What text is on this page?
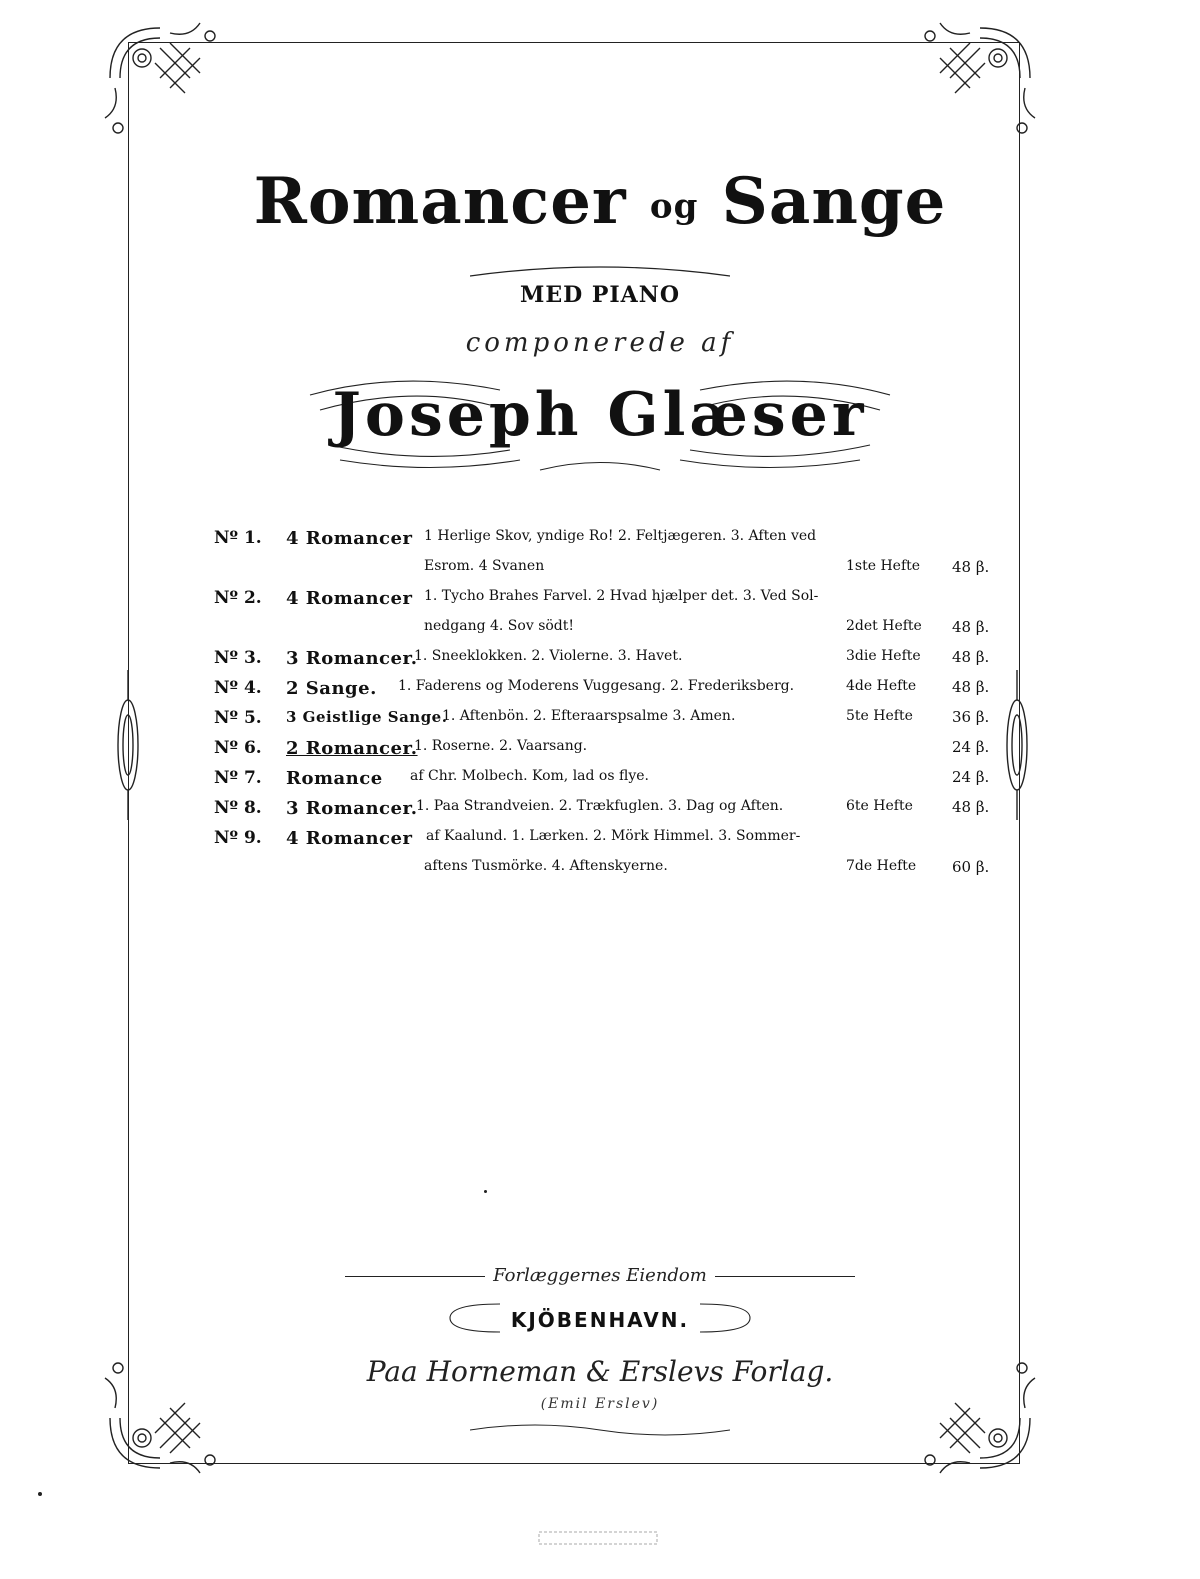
Romancer og Sange
MED PIANO
componerede af
Joseph Glæser
Nº 1. 4 Romancer 1 Herlige Skov, yndige Ro! 2. Feltjægeren. 3. Aften ved
Esrom. 4 Svanen	1ste Hefte 48 β.
Nº 2. 4 Romancer 1. Tycho Brahes Farvel. 2 Hvad hjælper det. 3. Ved Sol-
nedgang 4. Sov södt!	2det Hefte 48 β.
Nº 3. 3 Romancer.
1. Sneeklokken. 2. Violerne. 3. Havet.	3die Hefte 48 β.
Nº 4. 2 Sange. 1. Faderens og Moderens Vuggesang. 2. Frederiksberg.	4de Hefte 48 β.
Nº 5. 3 Geistlige Sange.
1. Aftenbön. 2. Efteraarspsalme 3. Amen.	5te Hefte	36 β.
Nº 6. 2 Romancer.
1. Roserne. 2. Vaarsang.	24 β.
Nº 7. Romance af Chr. Molbech. Kom, lad os flye.	24 β.
Nº 8. 3 Romancer.
1. Paa Strandveien. 2. Trækfuglen. 3. Dag og Aften.	6te Hefte	48 β.
Nº 9. 4 Romancer af Kaalund. 1. Lærken. 2. Mörk Himmel. 3. Sommer-
aftens Tusmörke. 4. Aftenskyerne.	7de Hefte 60 β.
Forlæggernes Eiendom
KJÖBENHAVN.
Paa Horneman & Erslevs Forlag.
(Emil Erslev)
